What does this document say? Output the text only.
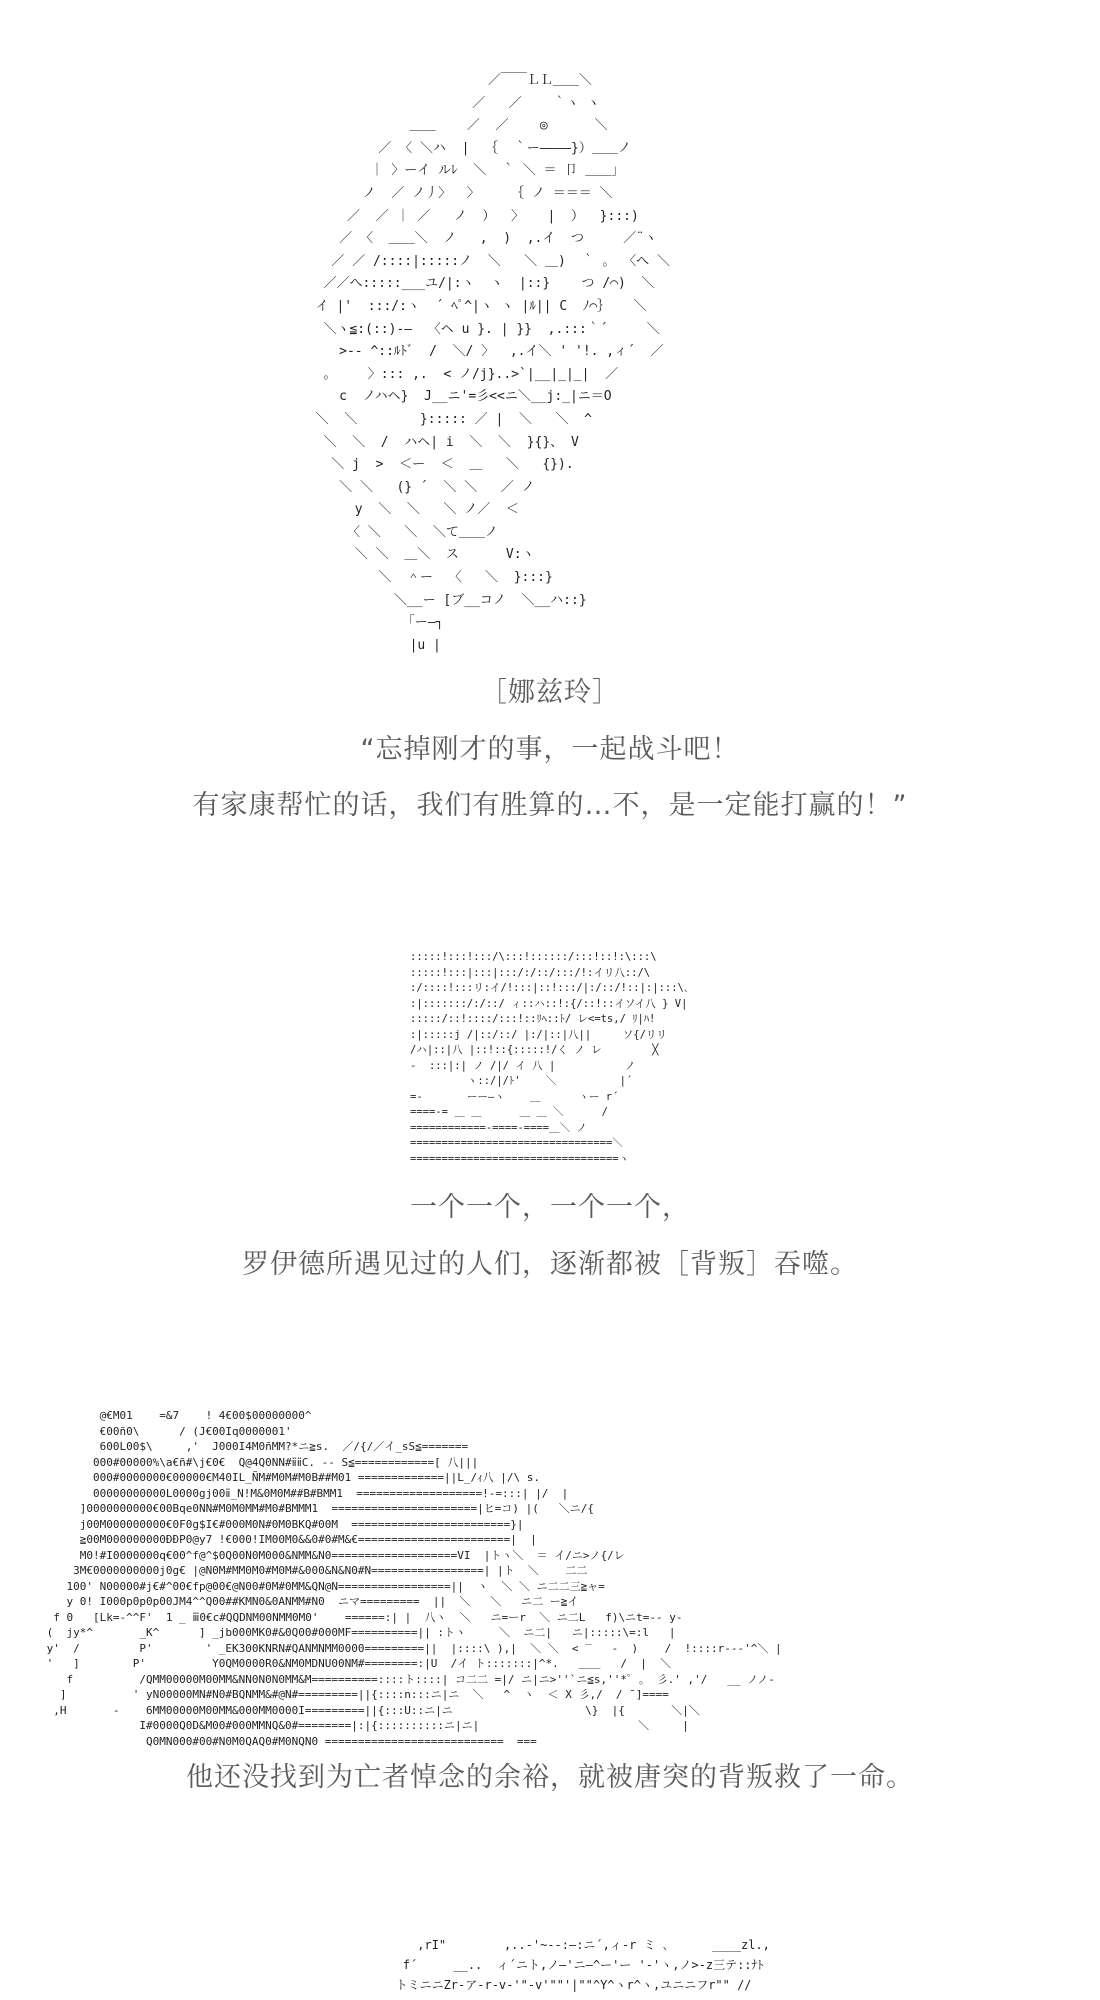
／￣￣ＬＬ＿＿＼
／   ／    ｀ヽ ヽ
＿＿    ／  ／    ◎      ＼
／ 〈 ＼ハ  |  ｛  ｀ー――――}）＿＿ノ
｜ 〉ーイ ルﾚ  ＼  ｀ ＼ ＝ 卩 ＿＿｣
ノ  ／ ノ丿〉  〉    ｛ ノ ＝＝＝ ＼
／  ／ ｜ ／   ノ  ）  〉   |  ）  }:::)
／ 〈  ＿＿＼  ノ   ,  )  ,.イ  つ     ／¨ヽ
／ ／ /::::|:::::ノ  ＼   ＼ ＿)  ｀ 。 〈へ ＼
／／へ:::::___ユ/|:ヽ  ヽ  |::}    つ /⌒)  ＼
イ |'  :::/:ヽ  ´ ﾍﾟ^|ヽ ヽ |ﾙ|| C  ﾉ⌒｝   ＼
＼ヽ≦:(::)-―  〈ヘ u }. | }}  ,.:::｀´     ＼
>-- ^::ﾙﾄﾞ  /  ＼/ 〉  ,.イ＼ ' '!. ,ィ´  ／
。    〉::: ,.  < ノ/j}..>`|__|_|_|  ／
c  ノハヘ}  J__ニ'=彡<<ニ＼__j:_|ニ＝O
＼  ＼        }::::: ／ |  ＼   ＼  ^
＼  ＼  /  ハヘ| i  ＼  ＼  }{}、 V
＼ j  >  ＜ー  ＜  ＿   ＼   {}).
＼ ＼   (} ´  ＼ ＼   ／ ノ
y  ＼  ＼   ＼ ノ／  ＜
〈 ＼   ＼  ＼て＿＿ノ
＼ ＼  ＿＼  ス      V:ヽ
＼  ＾ー  〈   ＼  }:::}
＼__ー [ブ__コノ  ＼__ハ::}
「ー―┐
|u |
［娜兹玲］
“忘掉刚才的事，一起战斗吧！
有家康帮忙的话，我们有胜算的…不，是一定能打赢的！”
:::::!:::!:::/\:::!::::::/:::!::!:\:::\
:::::!:::|:::|:::/:/::/:::/!:イリ八::/\
:/::::!:::リ:イ/!:::|::!:::/|:/::/!::|:|:::\､
:|:::::::/:/::/ ィ::ハ::!:{/::!::イソイ八 } V|
:::::/::!::::/:::!::ﾘﾍ::ﾄ/ レ<=ts,/ ﾘ|ﾊ!
:|:::::j /|::/::/ |:/|::|八||     ソ{/リリ
/ハ|::|八 |::!::{:::::!/く ノ レ        ╳
-  :::|:| ノ /|/ イ 八 |           ノ
ヽ::/|/ﾄ'    ＼          |´
=-       ーー―ヽ    ＿      ヽー r´
====-= ＿ ＿      ＿ ＿ ＼      /
============-====-====＿＼ ノ
================================＼
=================================ヽ
一个一个，一个一个，
罗伊德所遇见过的人们，逐渐都被［背叛］吞噬。
@€M01    =&7    ! 4€00$00000000^
€00ñ0\      / (J€00Iq0000001'
600L00$\     ,'  J000I4M0ñMM?*ニ≧s.  ／/{/／イ_sS≦=======
000#00000%\a€ñ#\j€0€  Q@4Q0NN#ⅱⅱC. -- S≦============[ 八|||
000#0000000€00000€M40IL_ÑM#M0M#M0B##M01 =============||L_/ｨ八 |/\ s.
00000000000L0000gj00ⅱ_N!M&0M0M##B#BMM1  ===================!-=:::| |/  |
]0000000000€00Bqe0NN#M0M0MM#M0#BMMM1  ======================|ヒ=コ) |(   ＼ニ/{
j00M000000000€0F0g$I€#000M0N#0M0BKQ#00M  ========================}|
≧00M000000000ÐÐP0@y7 !€000!IM00M0&&0#0#M&€=======================|  |
M0!#I0000000q€00^f@^$0Q00N0M000&NMM&N0===================VI  |トヽ＼  ＝ イ/ニ>ノ{/レ
3M€0000000000j0g€ |@N0M#MM0M0#M0M#&000&N&N0#N=================| |ト  ＼    二二
100' N00000#j€#^00€fp@00€@N00#0M#0MM&QN@N=================||  ヽ  ＼ ＼ ニ二二三≧ャ=
y 0! I000p0p0p00JM4^^Q00##KMN0&0ANMM#N0  ニマ=========  ||  ＼   ＼   ニ二 ー≧イ
f 0   [Lk=-^^F'  1 _ ⅲ0€c#QQDNM00NMM0M0'    ======:| |  八ヽ  ＼   ニ=ーr  ＼ ニ二L   f)\ニt=-- y-
(  jy*^       _K^      ] _jb000MK0#&0Q00#000MF==========|| :トヽ     ＼  ニ二|   ニ|:::::\=:l   |
y'  /         P'        ' _EK300KNRN#QANMNMM0000=========||  |::::\ ),|  ＼ ＼  < ‾   -  )    /  !::::r---'^＼ |
'   ]        P'          Y0QM0000R0&NM0MDNU00NM#========:|U  /イ ト:::::::|^*.   ＿＿   /  |  ＼
f          /QMM00000M00MM&NN0N0N0MM&M==========::::ト::::| コ二二 =|/ ニ|ニ>''`ニ≦s,''*ﾟ 。 彡.' ,'/   __ ノノ-
]          ' yN00000MN#N0#BQNMM&#@N#=========||{::::n:::ニ|ニ  ＼   ^  ヽ  ＜ X 彡,/  / ̄ ]====
,H       -    6MM00000M00MM&000MM0000I=========||{:::U::ニ|ニ                    \}  |{       ＼|＼
I#0000Q0D&M00#000MMNQ&0#========|:|{::::::::::ニ|ニ|                        ＼     |
Q0MN000#00#N0M0QAQ0#M0NQN0 ===========================  ===
他还没找到为亡者悼念的余裕，就被唐突的背叛救了一命。
,rI"        ,..-'~--:―:ニ´,ィ-r ミ ､      ____zl.,
f´     __..  ィ´ニト,ノ―'ニ―^ー'ー '-'ヽ,ノ>-z三テ::ﾅﾄ
トミニニZr-ア-r-v-'"-v'""'|""^Y^ヽr^ヽ,ユニニフr"" //
